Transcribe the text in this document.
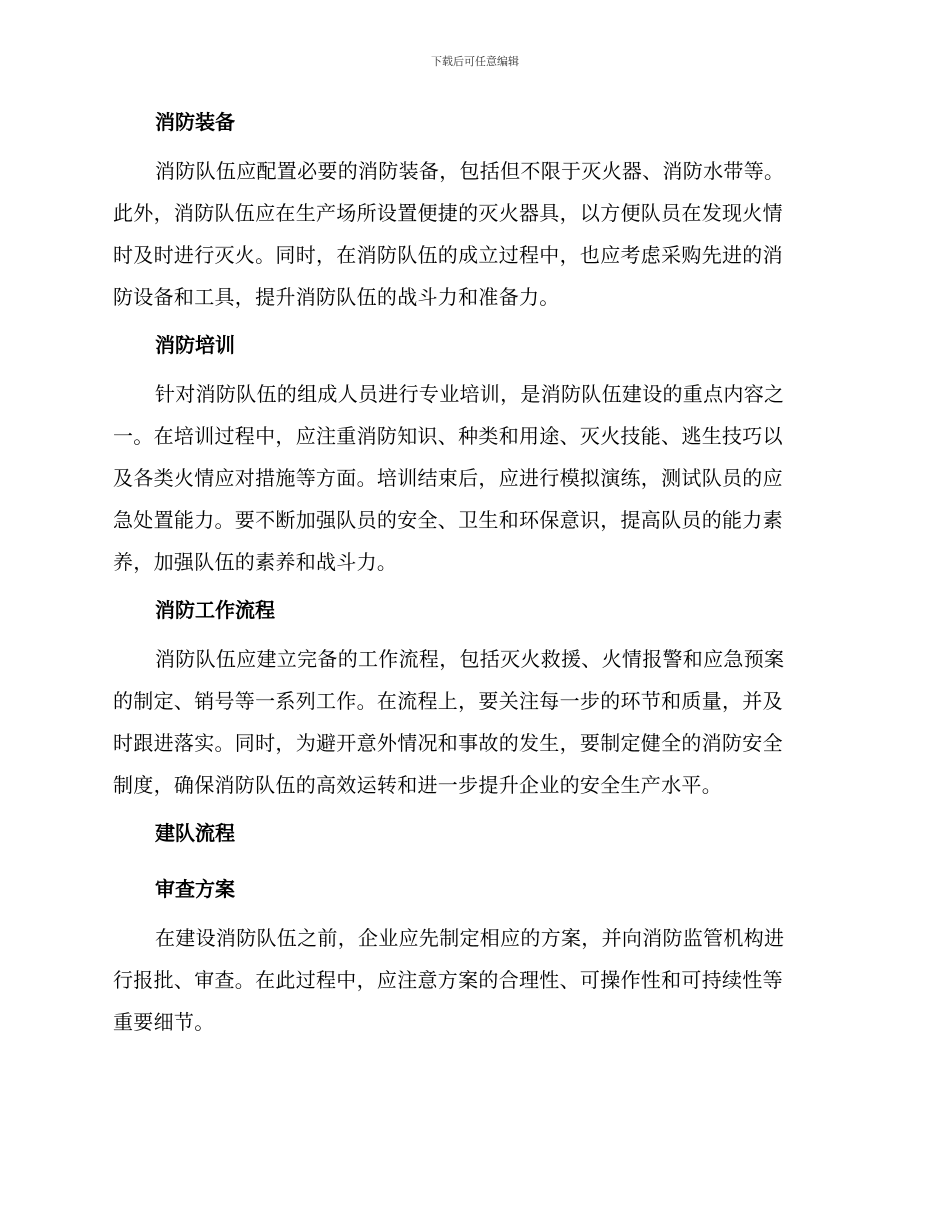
下载后可任意编辑
消防装备
消防队伍应配置必要的消防装备，包括但不限于灭火器、消防水带等。
此外，消防队伍应在生产场所设置便捷的灭火器具，以方便队员在发现火情
时及时进行灭火。同时，在消防队伍的成立过程中，也应考虑采购先进的消
防设备和工具，提升消防队伍的战斗力和准备力。
消防培训
针对消防队伍的组成人员进行专业培训，是消防队伍建设的重点内容之
一。在培训过程中，应注重消防知识、种类和用途、灭火技能、逃生技巧以
及各类火情应对措施等方面。培训结束后，应进行模拟演练，测试队员的应
急处置能力。要不断加强队员的安全、卫生和环保意识，提高队员的能力素
养，加强队伍的素养和战斗力。
消防工作流程
消防队伍应建立完备的工作流程，包括灭火救援、火情报警和应急预案
的制定、销号等一系列工作。在流程上，要关注每一步的环节和质量，并及
时跟进落实。同时，为避开意外情况和事故的发生，要制定健全的消防安全
制度，确保消防队伍的高效运转和进一步提升企业的安全生产水平。
建队流程
审查方案
在建设消防队伍之前，企业应先制定相应的方案，并向消防监管机构进
行报批、审查。在此过程中，应注意方案的合理性、可操作性和可持续性等
重要细节。
